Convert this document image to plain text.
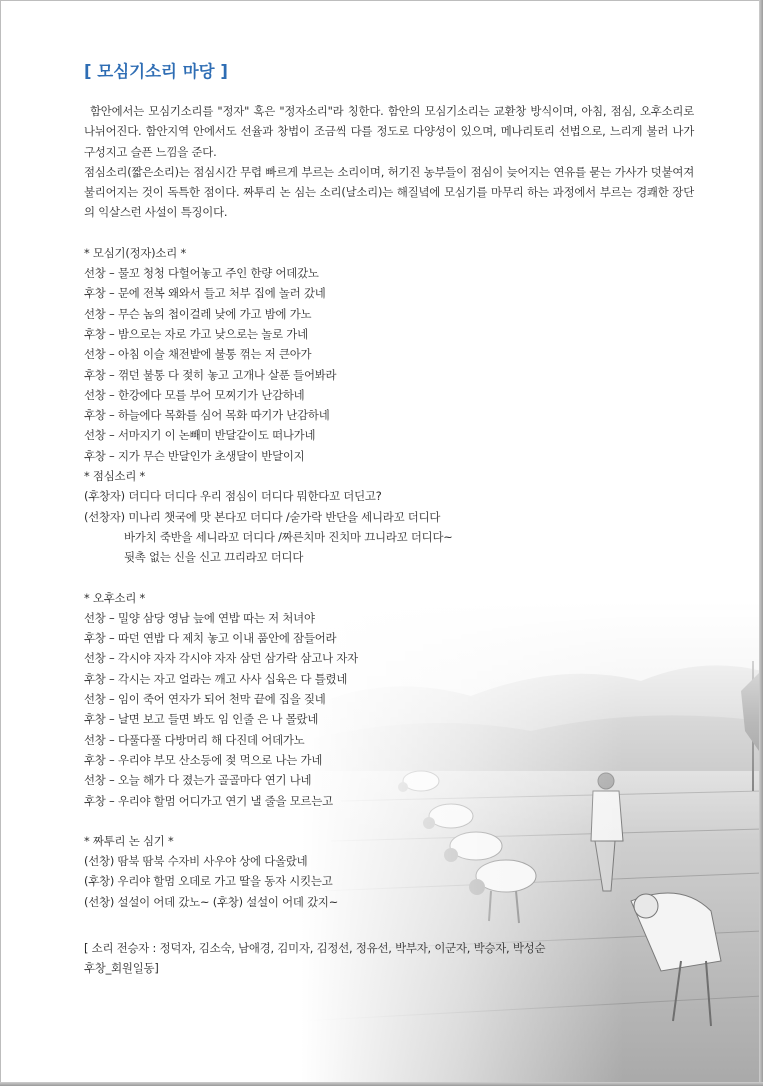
[ 모심기소리 마당 ]

함안에서는 모심기소리를 "정자" 혹은 "정자소리"라 칭한다. 함안의 모심기소리는 교환창 방식이며, 아침, 점심, 오후소리로 나뉘어진다. 함안지역 안에서도 선율과 창법이 조금씩 다를 정도로 다양성이 있으며, 메나리토리 선법으로, 느리게 불러 나가 구성지고 슬픈 느낌을 준다.

점심소리(짧은소리)는 점심시간 무렵 빠르게 부르는 소리이며, 허기진 농부들이 점심이 늦어지는 연유를 묻는 가사가 덧붙여져 불리어지는 것이 독특한 점이다. 짜투리 논 심는 소리(날소리)는 해질녘에 모심기를 마무리 하는 과정에서 부르는 경쾌한 장단의 익살스런 사설이 특징이다.

* 모심기(정자)소리 *

선창 – 물꼬 청청 다헐어놓고 주인 한량 어데갔노

후창 – 문에 전복 왜와서 들고 처부 집에 놀러 갔네

선창 – 무슨 놈의 첩이걸레 낮에 가고 밤에 가노

후창 – 밤으로는 자로 가고 낮으로는 놀로 가네

선창 – 아침 이슬 채전밭에 불통 꺾는 저 큰아가

후창 – 꺾던 불통 다 젖히 놓고 고개나 살푼 들어봐라

선창 – 한강에다 모를 부어 모찌기가 난감하네

후창 – 하늘에다 목화를 심어 목화 따기가 난감하네

선창 – 서마지기 이 논빼미 반달같이도 떠나가네

후창 – 지가 무슨 반달인가 초생달이 반달이지

* 점심소리 *

(후창자) 더디다 더디다 우리 점심이 더디다 뭐한다꼬 더딘고?

(선창자) 미나리 챗국에 맛 본다꼬 더디다 /숟가락 반단을 세니라꼬 더디다

바가치 죽반을 세니라꼬 더디다 /짜른치마 진치마 끄니라꼬 더디다~

뒷촉 없는 신을 신고 끄리라꼬 더디다

* 오후소리 *

선창 – 밀양 삼당 영남 늪에 연밥 따는 저 처녀야

후창 – 따던 연밥 다 제치 놓고 이내 품안에 잠들어라

선창 – 각시야 자자 각시야 자자 삼던 삼가락 삼고나 자자

후창 – 각시는 자고 얼라는 깨고 사사 십육은 다 틀렸네

선창 – 임이 죽어 연자가 되어 천막 끝에 집을 짖네

후창 – 날면 보고 들면 봐도 임 인줄 은 나 몰랐네

선창 – 다풀다풀 다방머리 해 다진데 어데가노

후창 – 우리야 부모 산소등에 젖 먹으로 나는 가네

선창 – 오늘 해가 다 졌는가 골골마다 연기 나네

후창 – 우리야 할멈 어디가고 연기 낼 줄을 모르는고

* 짜투리 논 심기 *

(선창) 땀북 땀북 수자비 사우야 상에 다올랐네

(후창) 우리야 할멈 오데로 가고 딸을 동자 시킷는고

(선창) 설설이 어데 갔노~ (후창) 설설이 어데 갔지~

[ 소리 전승자 : 정덕자, 김소숙, 남애경, 김미자, 김정선, 정유선, 박부자, 이군자, 박승자, 박성순

후창_회원일동]
